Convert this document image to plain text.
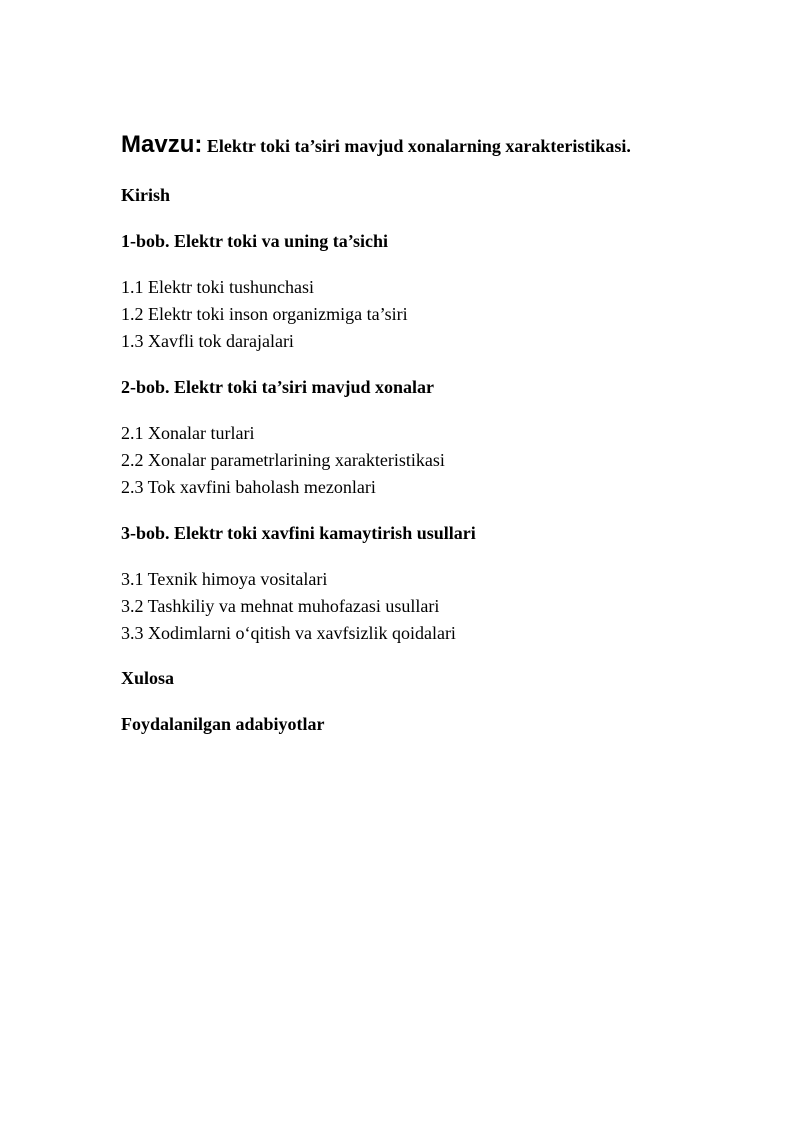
Mavzu: Elektr toki ta’siri mavjud xonalarning xarakteristikasi.
Kirish
1-bob. Elektr toki va uning ta’sichi
1.1 Elektr toki tushunchasi
1.2 Elektr toki inson organizmiga ta’siri
1.3 Xavfli tok darajalari
2-bob. Elektr toki ta’siri mavjud xonalar
2.1 Xonalar turlari
2.2 Xonalar parametrlarining xarakteristikasi
2.3 Tok xavfini baholash mezonlari
3-bob. Elektr toki xavfini kamaytirish usullari
3.1 Texnik himoya vositalari
3.2 Tashkiliy va mehnat muhofazasi usullari
3.3 Xodimlarni o‘qitish va xavfsizlik qoidalari
Xulosa
Foydalanilgan adabiyotlar
